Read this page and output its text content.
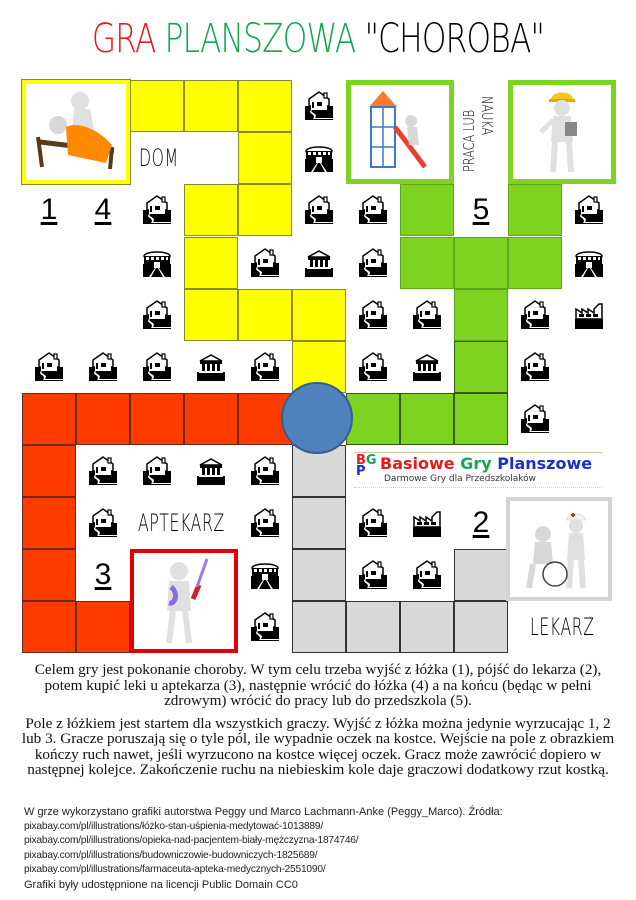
GRA PLANSZOWA "CHOROBA"
PRACA LUB NAUKA
DOM
APTEKARZ
LEKARZ
1	4	5
2
3
BG
P Basiowe Gry Planszowe
Darmowe Gry dla Przedszkolaków

Celem gry jest pokonanie choroby. W tym celu trzeba wyjść z łóżka (1), pójść do lekarza (2), potem kupić leki u aptekarza (3), następnie wrócić do łóżka (4) a na końcu (będąc w pełni zdrowym) wrócić do pracy lub do przedszkola (5).

Pole z łóżkiem jest startem dla wszystkich graczy. Wyjść z łóżka można jedynie wyrzucając 1, 2 lub 3. Gracze poruszają się o tyle pól, ile wypadnie oczek na kostce. Wejście na pole z obrazkiem kończy ruch nawet, jeśli wyrzucono na kostce więcej oczek. Gracz może zawrócić dopiero w następnej kolejce. Zakończenie ruchu na niebieskim kole daje graczowi dodatkowy rzut kostką.

W grze wykorzystano grafiki autorstwa Peggy und Marco Lachmann-Anke (Peggy_Marco). Źródła:
pixabay.com/pl/illustrations/łóżko-stan-uśpienia-medytować-1013889/
pixabay.com/pl/illustrations/opieka-nad-pacjentem-biały-mężczyzna-1874746/
pixabay.com/pl/illustrations/budowniczowie-budowniczych-1825689/
pixabay.com/pl/illustrations/farmaceuta-apteka-medycznych-2551090/
Grafiki były udostępnione na licencji Public Domain CC0
